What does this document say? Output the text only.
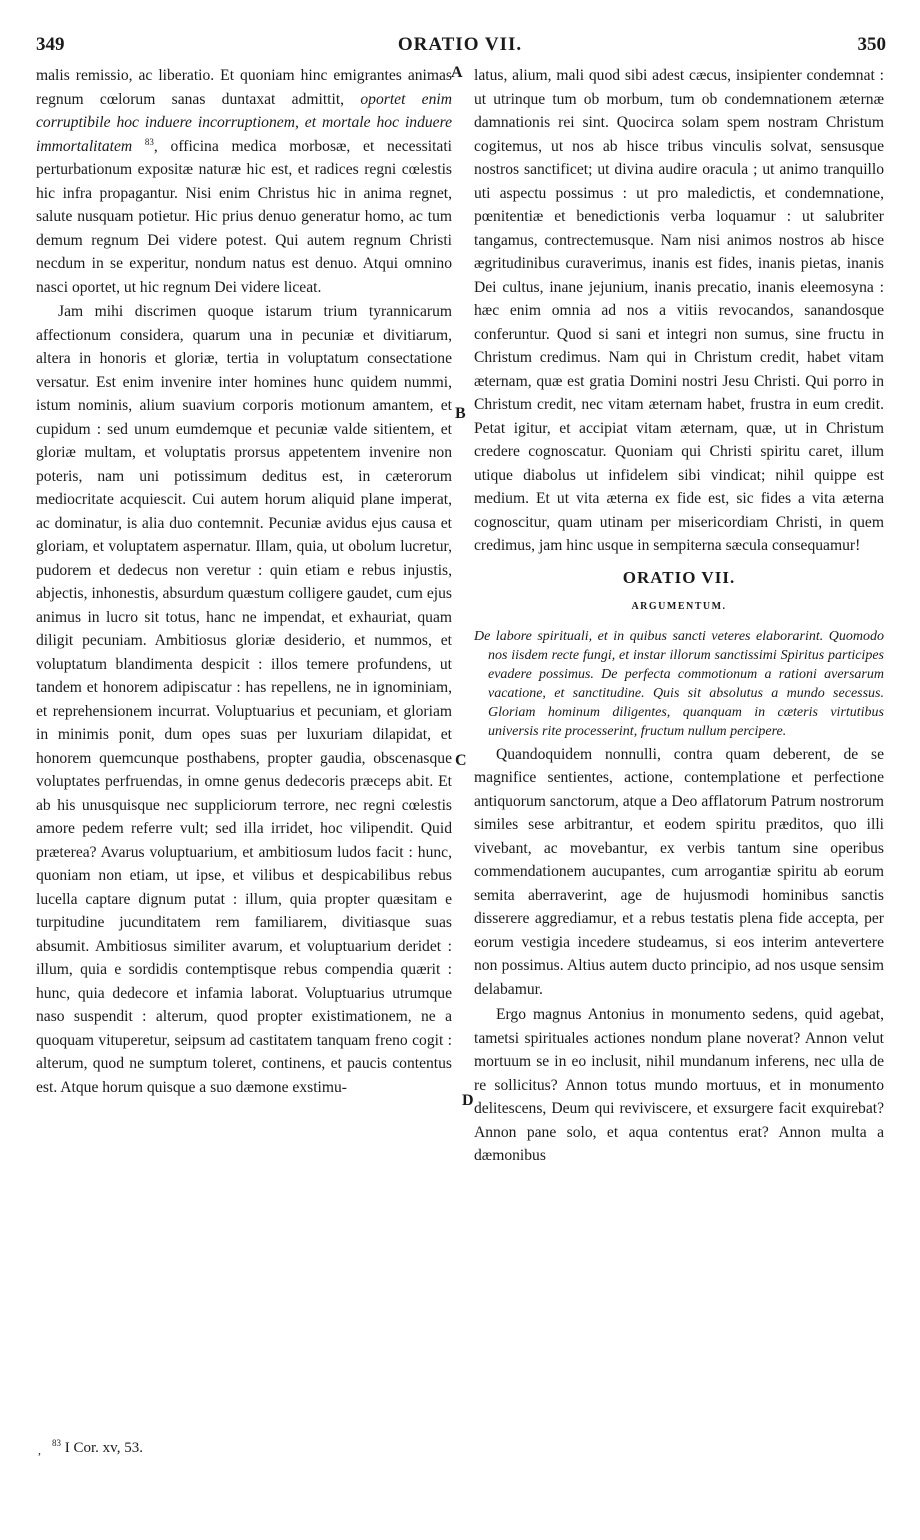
349	ORATIO VII.	350
A
B
C
D

malis remissio, ac liberatio. Et quoniam hinc emigrantes animas regnum cœlorum sanas duntaxat admittit, oportet enim corruptibile hoc induere incorruptionem, et mortale hoc induere immortalitatem $^{83}$, officina medica morbosæ, et necessitati perturbationum expositæ naturæ hic est, et radices regni cœlestis hic infra propagantur. Nisi enim Christus hic in anima regnet, salute nusquam potietur. Hic prius denuo generatur homo, ac tum demum regnum Dei videre potest. Qui autem regnum Christi necdum in se experitur, nondum natus est denuo. Atqui omnino nasci oportet, ut hic regnum Dei videre liceat.

Jam mihi discrimen quoque istarum trium tyrannicarum affectionum considera, quarum una in pecuniæ et divitiarum, altera in honoris et gloriæ, tertia in voluptatum consectatione versatur. Est enim invenire inter homines hunc quidem nummi, istum nominis, alium suavium corporis motionum amantem, et cupidum : sed unum eumdemque et pecuniæ valde sitientem, et gloriæ multam, et voluptatis prorsus appetentem invenire non poteris, nam uni potissimum deditus est, in cæterorum mediocritate acquiescit. Cui autem horum aliquid plane imperat, ac dominatur, is alia duo contemnit. Pecuniæ avidus ejus causa et gloriam, et voluptatem aspernatur. Illam, quia, ut obolum lucretur, pudorem et dedecus non veretur : quin etiam e rebus injustis, abjectis, inhonestis, absurdum quæstum colligere gaudet, cum ejus animus in lucro sit totus, hanc ne impendat, et exhauriat, quam diligit pecuniam. Ambitiosus gloriæ desiderio, et nummos, et voluptatum blandimenta despicit : illos temere profundens, ut tandem et honorem adipiscatur : has repellens, ne in ignominiam, et reprehensionem incurrat. Voluptuarius et pecuniam, et gloriam in minimis ponit, dum opes suas per luxuriam dilapidat, et honorem quemcunque posthabens, propter gaudia, obscenasque voluptates perfruendas, in omne genus dedecoris præceps abit. Et ab his unusquisque nec suppliciorum terrore, nec regni cœlestis amore pedem referre vult; sed illa irridet, hoc vilipendit. Quid præterea? Avarus voluptuarium, et ambitiosum ludos facit : hunc, quoniam non etiam, ut ipse, et vilibus et despicabilibus rebus lucella captare dignum putat : illum, quia propter quæsitam e turpitudine jucunditatem rem familiarem, divitiasque suas absumit. Ambitiosus similiter avarum, et voluptuarium deridet : illum, quia e sordidis contemptisque rebus compendia quærit : hunc, quia dedecore et infamia laborat. Voluptuarius utrumque naso suspendit : alterum, quod propter existimationem, ne a quoquam vituperetur, seipsum ad castitatem tanquam freno cogit : alterum, quod ne sumptum toleret, continens, et paucis contentus est. Atque horum quisque a suo dæmone exstimu-

latus, alium, mali quod sibi adest cæcus, insipienter condemnat : ut utrinque tum ob morbum, tum ob condemnationem æternæ damnationis rei sint. Quocirca solam spem nostram Christum cogitemus, ut nos ab hisce tribus vinculis solvat, sensusque nostros sanctificet; ut divina audire oracula ; ut animo tranquillo uti aspectu possimus : ut pro maledictis, et condemnatione, pœnitentiæ et benedictionis verba loquamur : ut salubriter tangamus, contrectemusque. Nam nisi animos nostros ab hisce ægritudinibus curaverimus, inanis est fides, inanis pietas, inanis Dei cultus, inane jejunium, inanis precatio, inanis eleemosyna : hæc enim omnia ad nos a vitiis revocandos, sanandosque conferuntur. Quod si sani et integri non sumus, sine fructu in Christum credimus. Nam qui in Christum credit, habet vitam æternam, quæ est gratia Domini nostri Jesu Christi. Qui porro in Christum credit, nec vitam æternam habet, frustra in eum credit. Petat igitur, et accipiat vitam æternam, quæ, ut in Christum credere cognoscatur. Quoniam qui Christi spiritu caret, illum utique diabolus ut infidelem sibi vindicat; nihil quippe est medium. Et ut vita æterna ex fide est, sic fides a vita æterna cognoscitur, quam utinam per misericordiam Christi, in quem credimus, jam hinc usque in sempiterna sæcula consequamur!

ORATIO VII.
ARGUMENTUM.

De labore spirituali, et in quibus sancti veteres elaborarint. Quomodo nos iisdem recte fungi, et instar illorum sanctissimi Spiritus participes evadere possimus. De perfecta commotionum a rationi aversarum vacatione, et sanctitudine. Quis sit absolutus a mundo secessus. Gloriam hominum diligentes, quanquam in cæteris virtutibus universis rite processerint, fructum nullum percipere.

Quandoquidem nonnulli, contra quam deberent, de se magnifice sentientes, actione, contemplatione et perfectione antiquorum sanctorum, atque a Deo afflatorum Patrum nostrorum similes sese arbitrantur, et eodem spiritu præditos, quo illi vivebant, ac movebantur, ex verbis tantum sine operibus commendationem aucupantes, cum arrogantiæ spiritu ab eorum semita aberraverint, age de hujusmodi hominibus sanctis disserere aggrediamur, et a rebus testatis plena fide accepta, per eorum vestigia incedere studeamus, si eos interim antevertere non possimus. Altius autem ducto principio, ad nos usque sensim delabamur.

Ergo magnus Antonius in monumento sedens, quid agebat, tametsi spirituales actiones nondum plane noverat? Annon velut mortuum se in eo inclusit, nihil mundanum inferens, nec ulla de re sollicitus? Annon totus mundo mortuus, et in monumento delitescens, Deum qui reviviscere, et exsurgere facit exquirebat? Annon pane solo, et aqua contentus erat? Annon multa a dæmonibus

, $^{83}$ I Cor. xv, 53.
